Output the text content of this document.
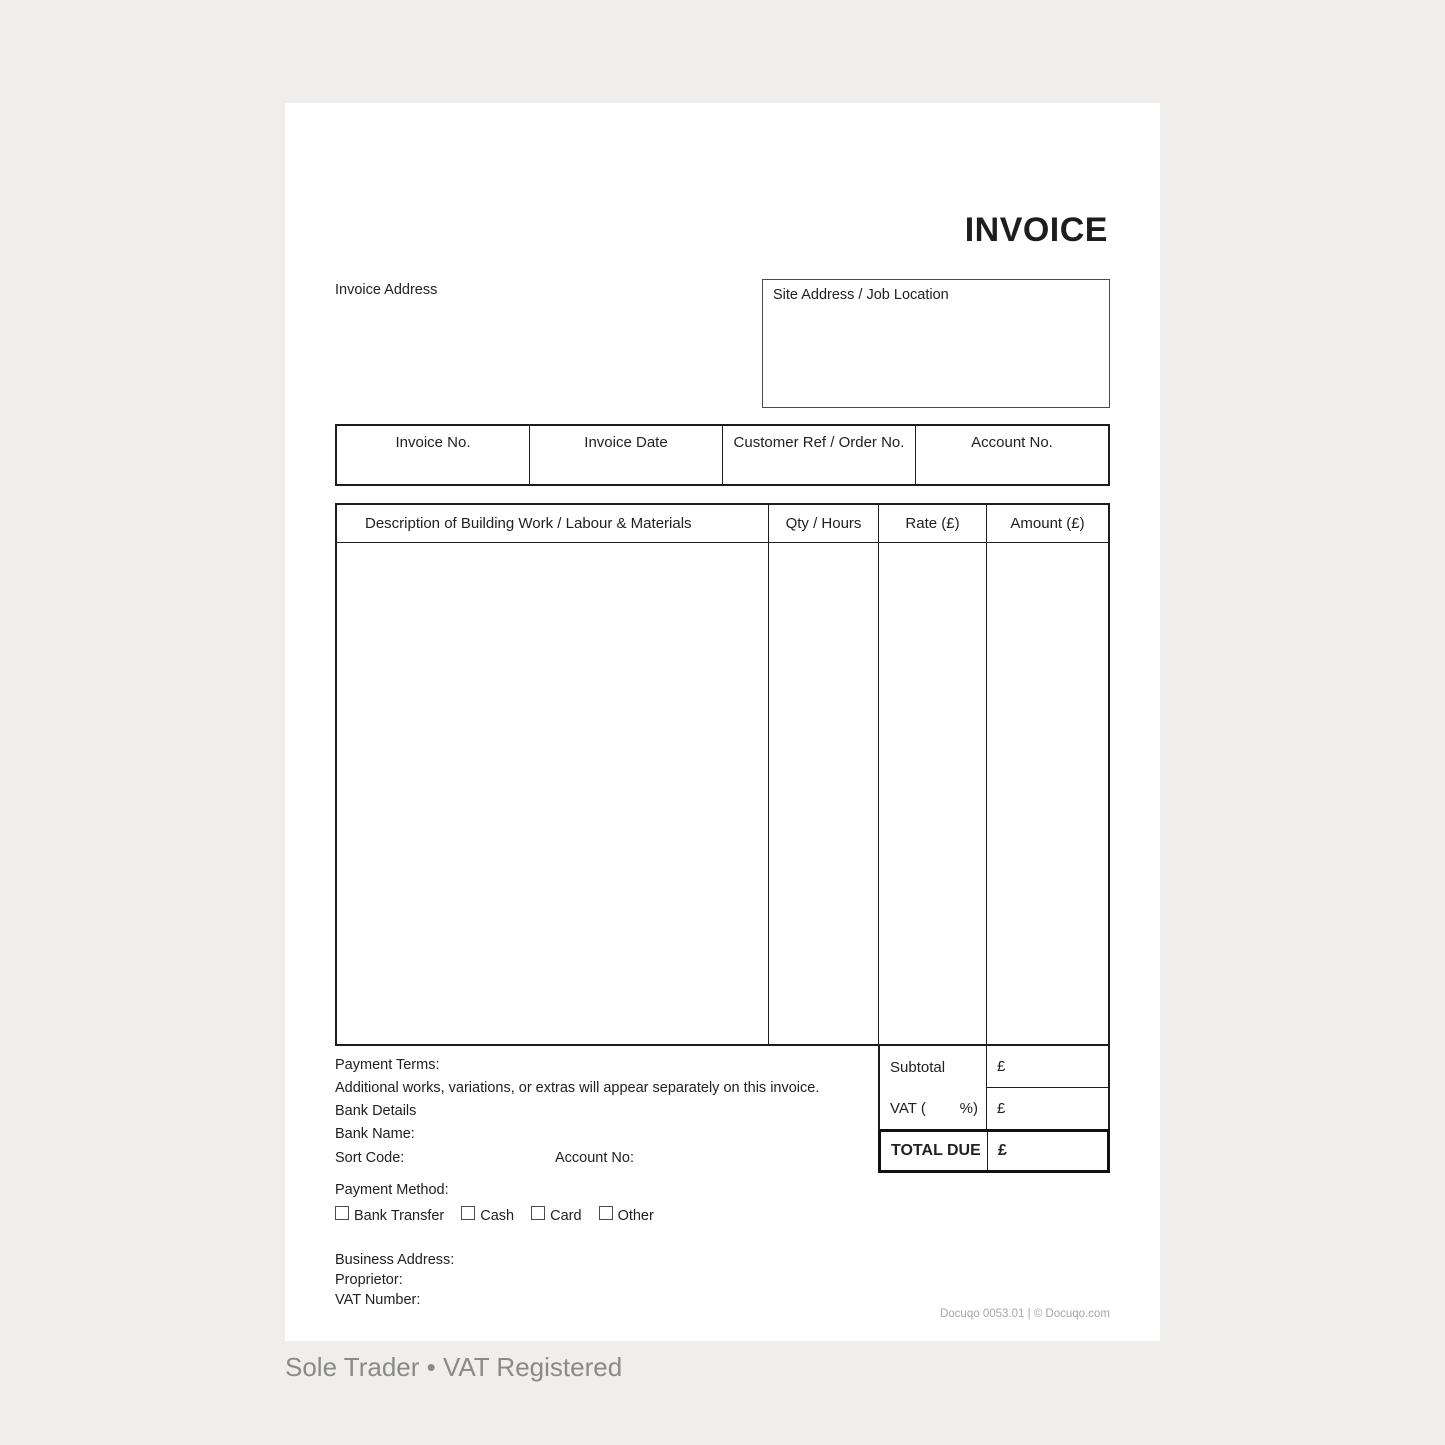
INVOICE
Invoice Address	Site Address / Job Location
Invoice No.	Invoice Date	Customer Ref / Order No.	Account No.
Description of Building Work / Labour & Materials	Qty / Hours	Rate (£)	Amount (£)
Subtotal	£
VAT ( %) £
TOTAL DUE	£
Payment Terms:
Additional works, variations, or extras will appear separately on this invoice.
Bank Details
Bank Name:
Sort Code:	Account No:
Payment Method:
Bank Transfer Cash Card Other
Business Address:
Proprietor:
VAT Number:
Docuqo 0053.01 | © Docuqo.com
Sole Trader • VAT Registered
